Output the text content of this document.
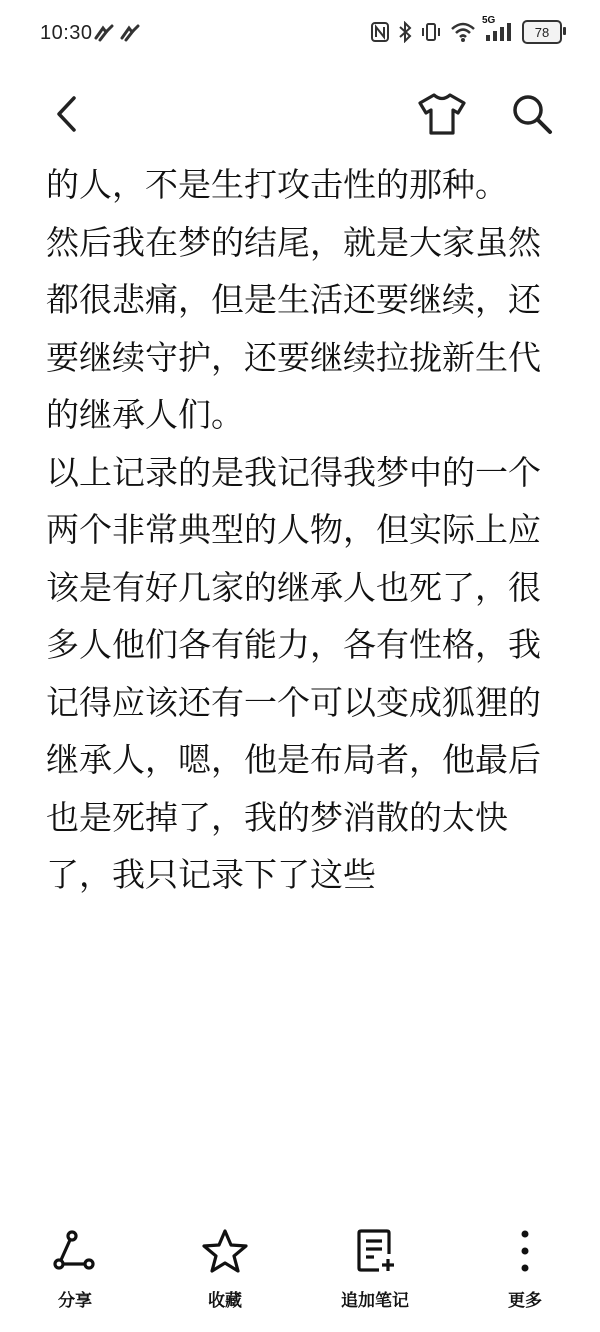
10:30
5G
78

的人，不是生打攻击性的那种。

然后我在梦的结尾，就是大家虽然都很悲痛，但是生活还要继续，还要继续守护，还要继续拉拢新生代的继承人们。

以上记录的是我记得我梦中的一个两个非常典型的人物，但实际上应该是有好几家的继承人也死了，很多人他们各有能力，各有性格，我记得应该还有一个可以变成狐狸的继承人，嗯，他是布局者，他最后也是死掉了，我的梦消散的太快了，我只记录下了这些

分享	收藏	追加笔记	更多
